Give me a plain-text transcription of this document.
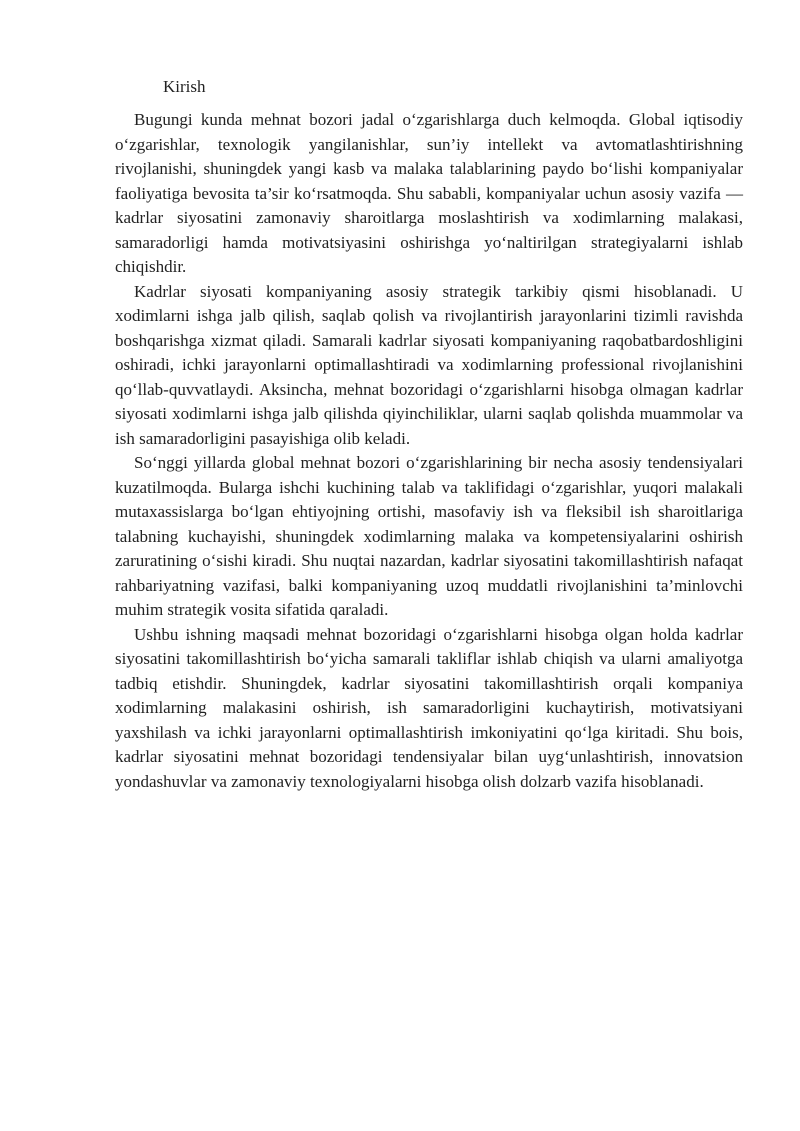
Kirish

Bugungi kunda mehnat bozori jadal oʻzgarishlarga duch kelmoqda. Global iqtisodiy oʻzgarishlar, texnologik yangilanishlar, sun’iy intellekt va avtomatlashtirishning rivojlanishi, shuningdek yangi kasb va malaka talablarining paydo boʻlishi kompaniyalar faoliyatiga bevosita ta’sir koʻrsatmoqda. Shu sababli, kompaniyalar uchun asosiy vazifa — kadrlar siyosatini zamonaviy sharoitlarga moslashtirish va xodimlarning malakasi, samaradorligi hamda motivatsiyasini oshirishga yoʻnaltirilgan strategiyalarni ishlab chiqishdir.

Kadrlar siyosati kompaniyaning asosiy strategik tarkibiy qismi hisoblanadi. U xodimlarni ishga jalb qilish, saqlab qolish va rivojlantirish jarayonlarini tizimli ravishda boshqarishga xizmat qiladi. Samarali kadrlar siyosati kompaniyaning raqobatbardoshligini oshiradi, ichki jarayonlarni optimallashtiradi va xodimlarning professional rivojlanishini qoʻllab-quvvatlaydi. Aksincha, mehnat bozoridagi oʻzgarishlarni hisobga olmagan kadrlar siyosati xodimlarni ishga jalb qilishda qiyinchiliklar, ularni saqlab qolishda muammolar va ish samaradorligini pasayishiga olib keladi.

Soʻnggi yillarda global mehnat bozori oʻzgarishlarining bir necha asosiy tendensiyalari kuzatilmoqda. Bularga ishchi kuchining talab va taklifidagi oʻzgarishlar, yuqori malakali mutaxassislarga boʻlgan ehtiyojning ortishi, masofaviy ish va fleksibil ish sharoitlariga talabning kuchayishi, shuningdek xodimlarning malaka va kompetensiyalarini oshirish zaruratining oʻsishi kiradi. Shu nuqtai nazardan, kadrlar siyosatini takomillashtirish nafaqat rahbariyatning vazifasi, balki kompaniyaning uzoq muddatli rivojlanishini ta’minlovchi muhim strategik vosita sifatida qaraladi.

Ushbu ishning maqsadi mehnat bozoridagi oʻzgarishlarni hisobga olgan holda kadrlar siyosatini takomillashtirish boʻyicha samarali takliflar ishlab chiqish va ularni amaliyotga tadbiq etishdir. Shuningdek, kadrlar siyosatini takomillashtirish orqali kompaniya xodimlarning malakasini oshirish, ish samaradorligini kuchaytirish, motivatsiyani yaxshilash va ichki jarayonlarni optimallashtirish imkoniyatini qoʻlga kiritadi. Shu bois, kadrlar siyosatini mehnat bozoridagi tendensiyalar bilan uygʻunlashtirish, innovatsion yondashuvlar va zamonaviy texnologiyalarni hisobga olish dolzarb vazifa hisoblanadi.
